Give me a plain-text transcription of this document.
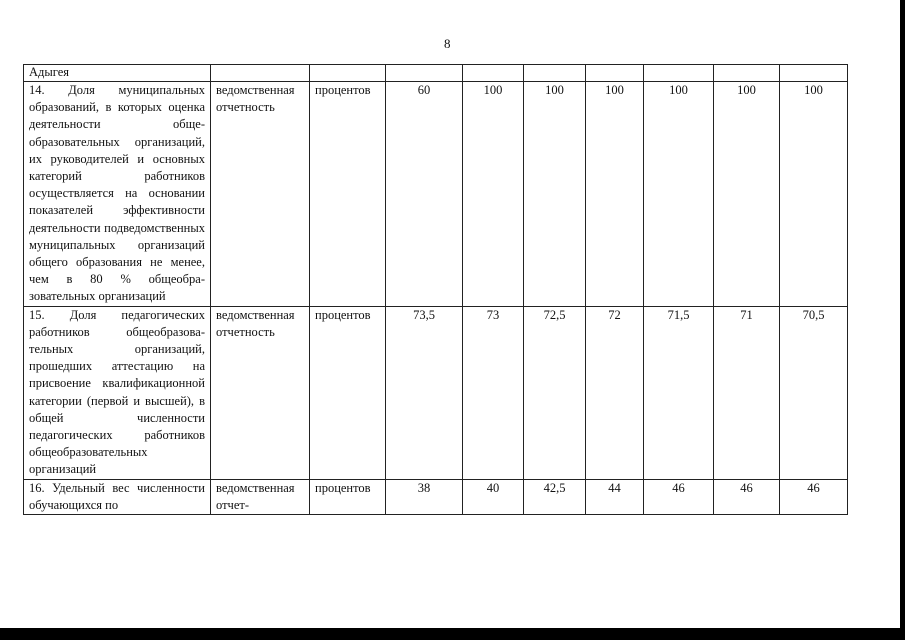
8
Адыгея									
14. Доля муниципальных образований, в которых оценка деятельности общеобразовательных организаций, их руководителей и основных категорий работников осуществляется на основании показателей эффективности деятельности подведомственных муниципальных организаций общего образования не менее, чем в 80 % общеобразовательных организаций	ведомственная отчетность	процентов	60	100	100	100	100	100	100
15. Доля педагогических работников общеобразовательных организаций, прошедших аттестацию на присвоение квалификационной категории (первой и высшей), в общей численности педагогических работников общеобразовательных организаций	ведомственная отчетность	процентов	73,5	73	72,5	72	71,5	71	70,5
16. Удельный вес численности обучающихся по	ведомственная отчет-	процентов	38	40	42,5	44	46	46	46
